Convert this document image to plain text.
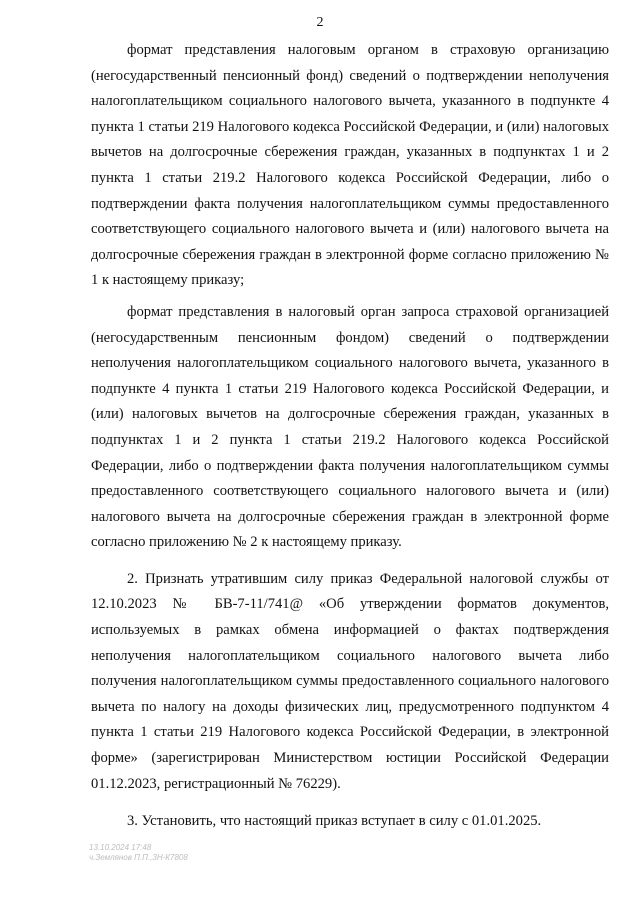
2

формат представления налоговым органом в страховую организацию (негосударственный пенсионный фонд) сведений о подтверждении неполучения налогоплательщиком социального налогового вычета, указанного в подпункте 4 пункта 1 статьи 219 Налогового кодекса Российской Федерации, и (или) налоговых вычетов на долгосрочные сбережения граждан, указанных в подпунктах 1 и 2 пункта 1 статьи 219.2 Налогового кодекса Российской Федерации, либо о подтверждении факта получения налогоплательщиком суммы предоставленного соответствующего социального налогового вычета и (или) налогового вычета на долгосрочные сбережения граждан в электронной форме согласно приложению № 1 к настоящему приказу;

формат представления в налоговый орган запроса страховой организацией (негосударственным пенсионным фондом) сведений о подтверждении неполучения налогоплательщиком социального налогового вычета, указанного в подпункте 4 пункта 1 статьи 219 Налогового кодекса Российской Федерации, и (или) налоговых вычетов на долгосрочные сбережения граждан, указанных в подпунктах 1 и 2 пункта 1 статьи 219.2 Налогового кодекса Российской Федерации, либо о подтверждении факта получения налогоплательщиком суммы предоставленного соответствующего социального налогового вычета и (или) налогового вычета на долгосрочные сбережения граждан в электронной форме согласно приложению № 2 к настоящему приказу.

2. Признать утратившим силу приказ Федеральной налоговой службы от 12.10.2023 № БВ-7-11/741@ «Об утверждении форматов документов, используемых в рамках обмена информацией о фактах подтверждения неполучения налогоплательщиком социального налогового вычета либо получения налогоплательщиком суммы предоставленного социального налогового вычета по налогу на доходы физических лиц, предусмотренного подпунктом 4 пункта 1 статьи 219 Налогового кодекса Российской Федерации, в электронной форме» (зарегистрирован Министерством юстиции Российской Федерации 01.12.2023, регистрационный № 76229).

3. Установить, что настоящий приказ вступает в силу с 01.01.2025.

13.10.2024 17:48
ч.Землянов П.П.,3Н-К7808
